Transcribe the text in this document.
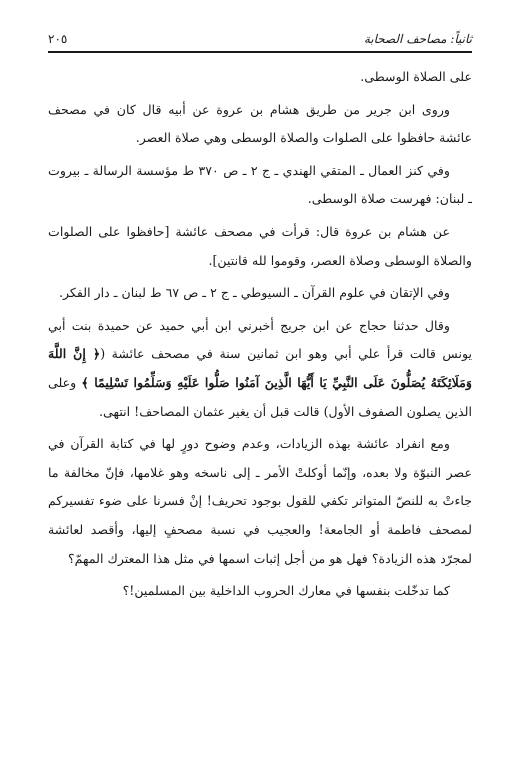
٢٠٥	ثانياً: مصاحف الصحابة

على الصلاة الوسطى.

وروى ابن جرير من طريق هشام بن عروة عن أبيه قال كان في مصحف عائشة حافظوا على الصلوات والصلاة الوسطى وهي صلاة العصر.

وفي كنز العمال ـ المتقي الهندي ـ ج ٢ ـ ص ٣٧٠ ط مؤسسة الرسالة ـ بيروت ـ لبنان: فهرست صلاة الوسطى.

عن هشام بن عروة قال: قرأت في مصحف عائشة [حافظوا على الصلوات والصلاة الوسطى وصلاة العصر، وقوموا لله قانتين].

وفي الإتقان في علوم القرآن ـ السيوطي ـ ج ٢ ـ ص ٦٧ ط لبنان ـ دار الفكر.

وقال حدثنا حجاج عن ابن جريج أخبرني ابن أبي حميد عن حميدة بنت أبي يونس قالت قرأ علي أبي وهو ابن ثمانين سنة في مصحف عائشة (﴿ إِنَّ اللَّهَ وَمَلَائِكَتَهُ يُصَلُّونَ عَلَى النَّبِيِّ يَا أَيُّهَا الَّذِينَ آمَنُوا صَلُّوا عَلَيْهِ وَسَلِّمُوا تَسْلِيمًا ﴾ وعلى الذين يصلون الصفوف الأول) قالت قبل أن يغير عثمان المصاحف! انتهى.

ومع انفراد عائشة بهذه الزيادات، وعدم وضوح دورٍ لها في كتابة القرآن في عصر النبوّة ولا بعده، وإنّما أوكلتْ الأمر ـ إلى ناسخه وهو غلامها، فإنّ مخالفة ما جاءتْ به للنصّ المتواتر تكفي للقول بوجود تحريف! إنْ فسرنا على ضوء تفسيركم لمصحف فاطمة أو الجامعة! والعجيب في نسبة مصحفٍ إليها، وأقصد لعائشة لمجرّد هذه الزيادة؟ فهل هو من أجل إثبات اسمها في مثل هذا المعترك المهمّ؟

كما تدخّلت بنفسها في معارك الحروب الداخلية بين المسلمين!؟
